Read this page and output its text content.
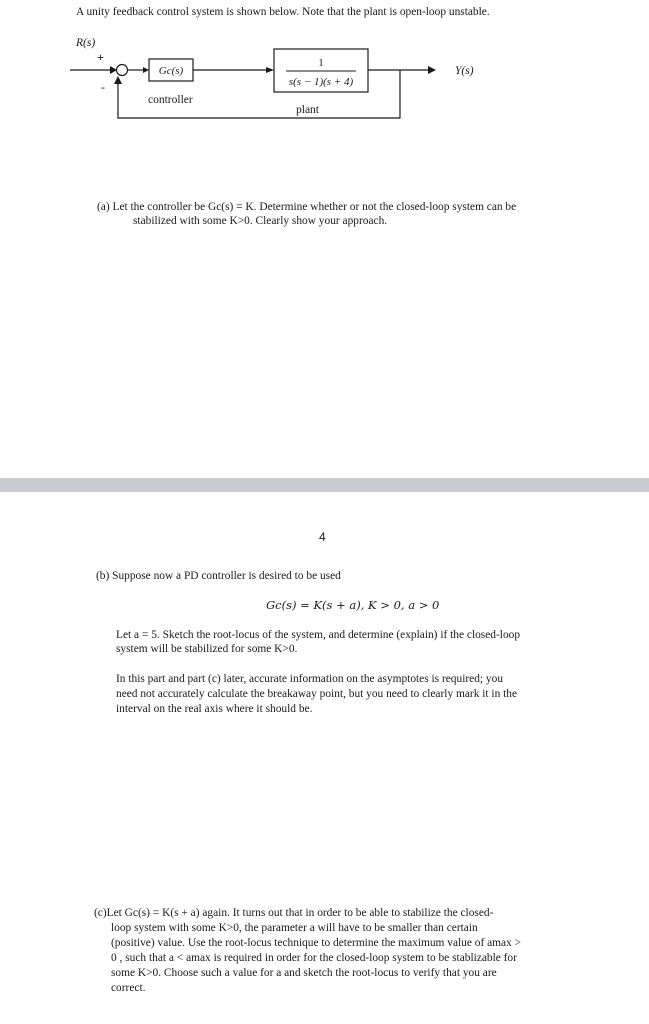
A unity feedback control system is shown below. Note that the plant is open-loop unstable.

R(s)
+
-
Gc(s)
controller
1
s(s − 1)(s + 4)
plant
Y(s)

(a) Let the controller be Gc(s) = K. Determine whether or not the closed-loop system can be

stabilized with some K>0. Clearly show your approach.

4

(b) Suppose now a PD controller is desired to be used

Gc(s) = K(s + a), K > 0, a > 0

Let a = 5. Sketch the root-locus of the system, and determine (explain) if the closed-loop

system will be stabilized for some K>0.

In this part and part (c) later, accurate information on the asymptotes is required; you

need not accurately calculate the breakaway point, but you need to clearly mark it in the

interval on the real axis where it should be.

(c)Let Gc(s) = K(s + a) again. It turns out that in order to be able to stabilize the closed-

loop system with some K>0, the parameter a will have to be smaller than certain

(positive) value. Use the root-locus technique to determine the maximum value of amax >

0 , such that a < amax is required in order for the closed-loop system to be stablizable for

some K>0. Choose such a value for a and sketch the root-locus to verify that you are

correct.
